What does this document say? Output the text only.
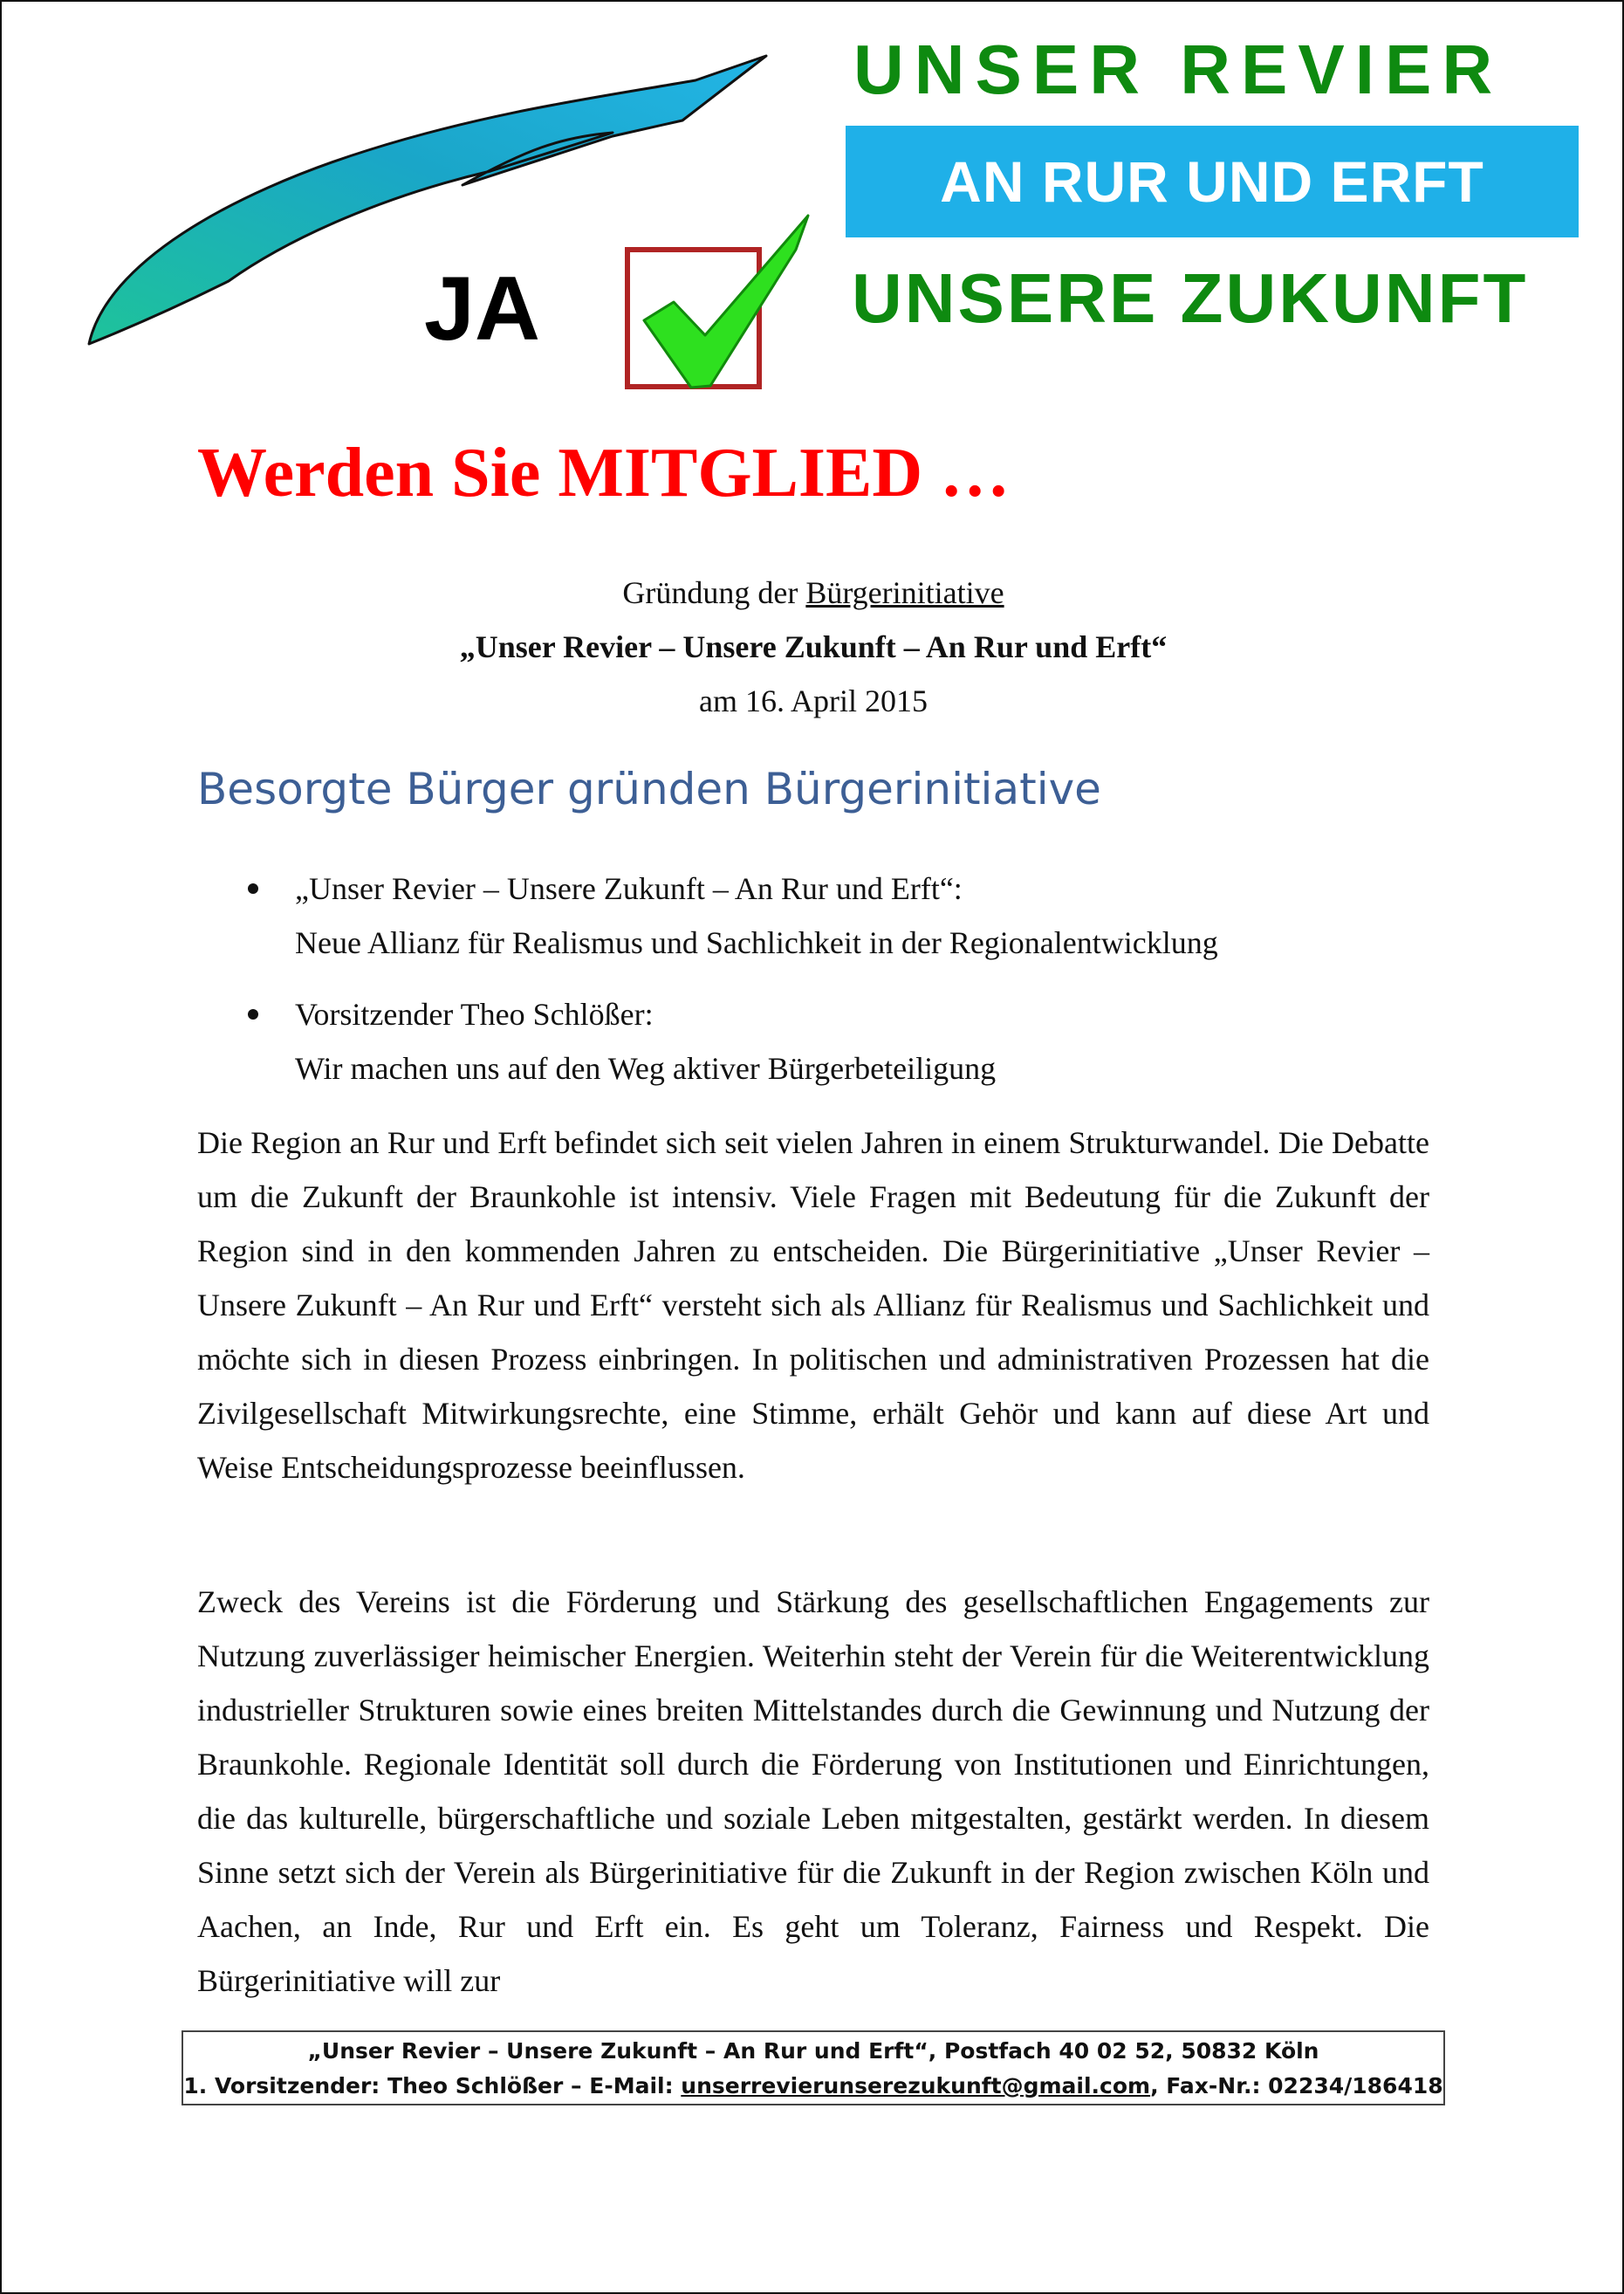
JA
UNSER REVIER
AN RUR UND ERFT
UNSERE ZUKUNFT
Werden Sie MITGLIED …
Gründung der Bürgerinitiative
„Unser Revier – Unsere Zukunft – An Rur und Erft“
am 16. April 2015
Besorgte Bürger gründen Bürgerinitiative
„Unser Revier – Unsere Zukunft – An Rur und Erft“:
Neue Allianz für Realismus und Sachlichkeit in der Regionalentwicklung
Vorsitzender Theo Schlößer:
Wir machen uns auf den Weg aktiver Bürgerbeteiligung

Die Region an Rur und Erft befindet sich seit vielen Jahren in einem Strukturwandel. Die Debatte um die Zukunft der Braunkohle ist intensiv. Viele Fragen mit Bedeutung für die Zukunft der Region sind in den kommenden Jahren zu entscheiden. Die Bürgerinitiative „Unser Revier – Unsere Zukunft – An Rur und Erft“ versteht sich als Allianz für Realismus und Sachlichkeit und möchte sich in diesen Prozess einbringen. In politischen und administrativen Prozessen hat die Zivilgesellschaft Mitwirkungsrechte, eine Stimme, erhält Gehör und kann auf diese Art und Weise Entscheidungsprozesse beeinflussen.

Zweck des Vereins ist die Förderung und Stärkung des gesellschaftlichen Engagements zur Nutzung zuverlässiger heimischer Energien. Weiterhin steht der Verein für die Weiterentwicklung industrieller Strukturen sowie eines breiten Mittelstandes durch die Gewinnung und Nutzung der Braunkohle. Regionale Identität soll durch die Förderung von Institutionen und Einrichtungen, die das kulturelle, bürgerschaftliche und soziale Leben mitgestalten, gestärkt werden. In diesem Sinne setzt sich der Verein als Bürgerinitiative für die Zukunft in der Region zwischen Köln und Aachen, an Inde, Rur und Erft ein. Es geht um Toleranz, Fairness und Respekt. Die Bürgerinitiative will zur

„Unser Revier – Unsere Zukunft – An Rur und Erft“, Postfach 40 02 52, 50832 Köln
1. Vorsitzender: Theo Schlößer – E-Mail: unserrevierunserezukunft@gmail.com, Fax-Nr.: 02234/186418
